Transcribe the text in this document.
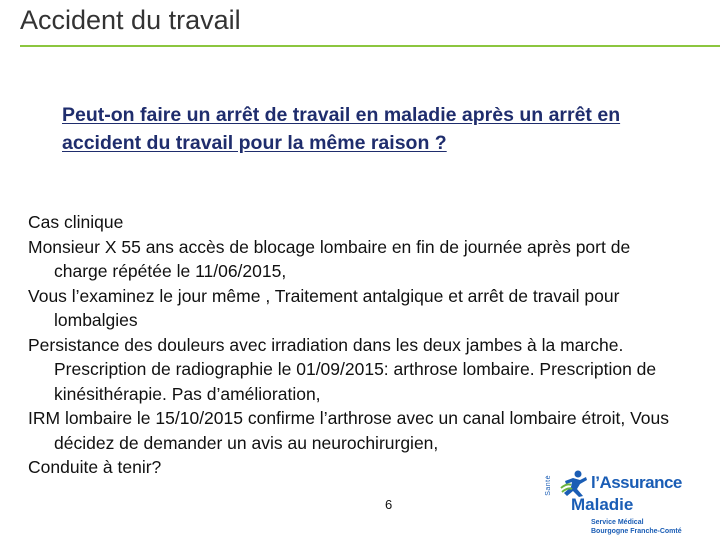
Accident du travail
Peut-on faire un arrêt de travail en maladie après un arrêt en accident du travail pour la même raison ?

Cas clinique

Monsieur X 55 ans accès de blocage lombaire en fin de journée après port de charge répétée le 11/06/2015,

Vous l’examinez le jour même , Traitement antalgique et arrêt de travail pour lombalgies

Persistance des douleurs avec irradiation dans les deux jambes à la marche. Prescription de radiographie le 01/09/2015: arthrose lombaire. Prescription de kinésithérapie. Pas d’amélioration,

IRM lombaire le 15/10/2015 confirme l’arthrose avec un canal lombaire étroit, Vous décidez de demander un avis au neurochirurgien,

Conduite à tenir?

6
Santé l’Assurance
Maladie
Service Médical
Bourgogne Franche-Comté
